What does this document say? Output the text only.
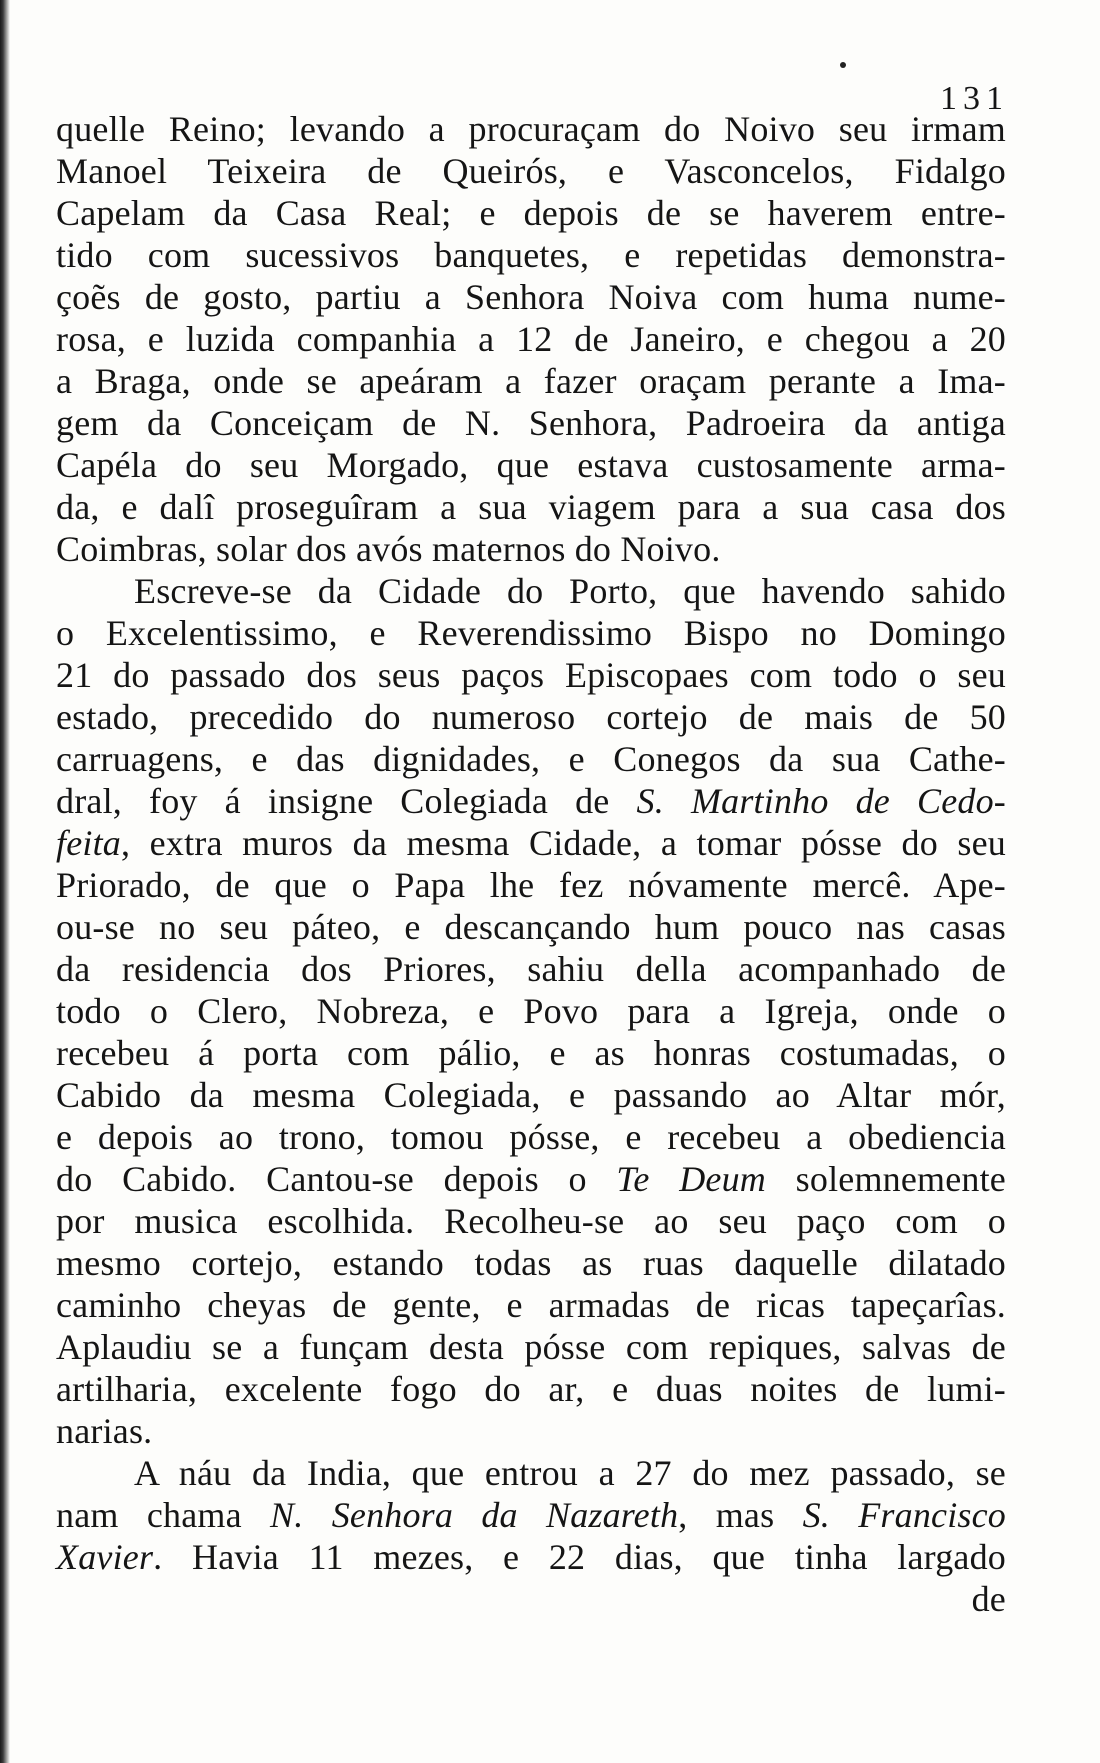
131
quelle Reino; levando a procuraçam do Noivo seu irmam
Manoel Teixeira de Queirós, e Vasconcelos, Fidalgo
Capelam da Casa Real; e depois de se haverem entre-
tido com sucessivos banquetes, e repetidas demonstra-
çoẽs de gosto, partiu a Senhora Noiva com huma nume-
rosa, e luzida companhia a 12 de Janeiro, e chegou a 20
a Braga, onde se apeáram a fazer oraçam perante a Ima-
gem da Conceiçam de N. Senhora, Padroeira da antiga
Capéla do seu Morgado, que estava custosamente arma-
da, e dalî proseguîram a sua viagem para a sua casa dos
Coimbras, solar dos avós maternos do Noivo.
Escreve-se da Cidade do Porto, que havendo sahido
o Excelentissimo, e Reverendissimo Bispo no Domingo
21 do passado dos seus paços Episcopaes com todo o seu
estado, precedido do numeroso cortejo de mais de 50
carruagens, e das dignidades, e Conegos da sua Cathe-
dral, foy á insigne Colegiada de S. Martinho de Cedo-
feita, extra muros da mesma Cidade, a tomar pósse do seu
Priorado, de que o Papa lhe fez nóvamente mercê. Ape-
ou-se no seu páteo, e descançando hum pouco nas casas
da residencia dos Priores, sahiu della acompanhado de
todo o Clero, Nobreza, e Povo para a Igreja, onde o
recebeu á porta com pálio, e as honras costumadas, o
Cabido da mesma Colegiada, e passando ao Altar mór,
e depois ao trono, tomou pósse, e recebeu a obediencia
do Cabido. Cantou-se depois o Te Deum solemnemente
por musica escolhida. Recolheu-se ao seu paço com o
mesmo cortejo, estando todas as ruas daquelle dilatado
caminho cheyas de gente, e armadas de ricas tapeçarîas.
Aplaudiu se a funçam desta pósse com repiques, salvas de
artilharia, excelente fogo do ar, e duas noites de lumi-
narias.
A náu da India, que entrou a 27 do mez passado, se
nam chama N. Senhora da Nazareth, mas S. Francisco
Xavier. Havia 11 mezes, e 22 dias, que tinha largado
de
